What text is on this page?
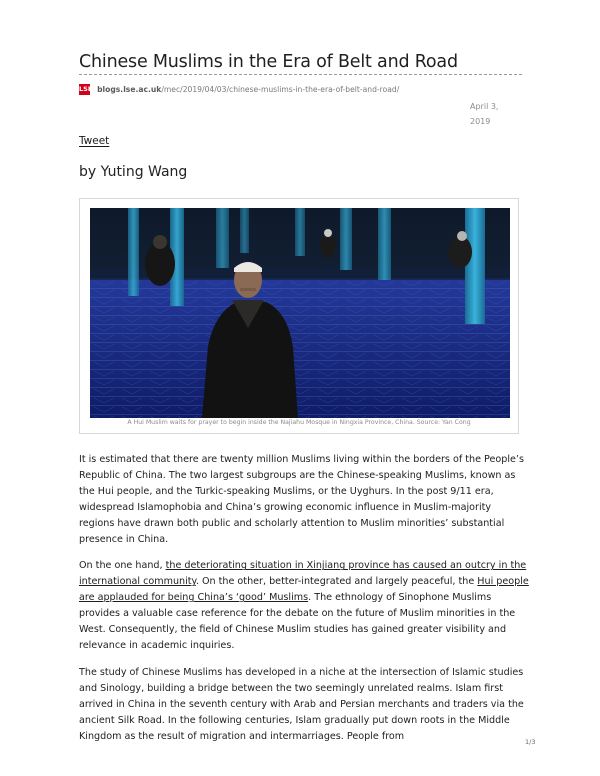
Chinese Muslims in the Era of Belt and Road
LSE blogs.lse.ac.uk/mec/2019/04/03/chinese-muslims-in-the-era-of-belt-and-road/
April 3,
2019
Tweet
by Yuting Wang
A Hui Muslim waits for prayer to begin inside the Najiahu Mosque in Ningxia Province, China. Source: Yan Cong

It is estimated that there are twenty million Muslims living within the borders of the People’s Republic of China. The two largest subgroups are the Chinese-speaking Muslims, known as the Hui people, and the Turkic-speaking Muslims, or the Uyghurs. In the post 9/11 era, widespread Islamophobia and China’s growing economic influence in Muslim-majority regions have drawn both public and scholarly attention to Muslim minorities’ substantial presence in China.

On the one hand, the deteriorating situation in Xinjiang province has caused an outcry in the international community. On the other, better-integrated and largely peaceful, the Hui people are applauded for being China’s ‘good’ Muslims. The ethnology of Sinophone Muslims provides a valuable case reference for the debate on the future of Muslim minorities in the West. Consequently, the field of Chinese Muslim studies has gained greater visibility and relevance in academic inquiries.

The study of Chinese Muslims has developed in a niche at the intersection of Islamic studies and Sinology, building a bridge between the two seemingly unrelated realms. Islam first arrived in China in the seventh century with Arab and Persian merchants and traders via the ancient Silk Road. In the following centuries, Islam gradually put down roots in the Middle Kingdom as the result of migration and intermarriages. People from

1/3
